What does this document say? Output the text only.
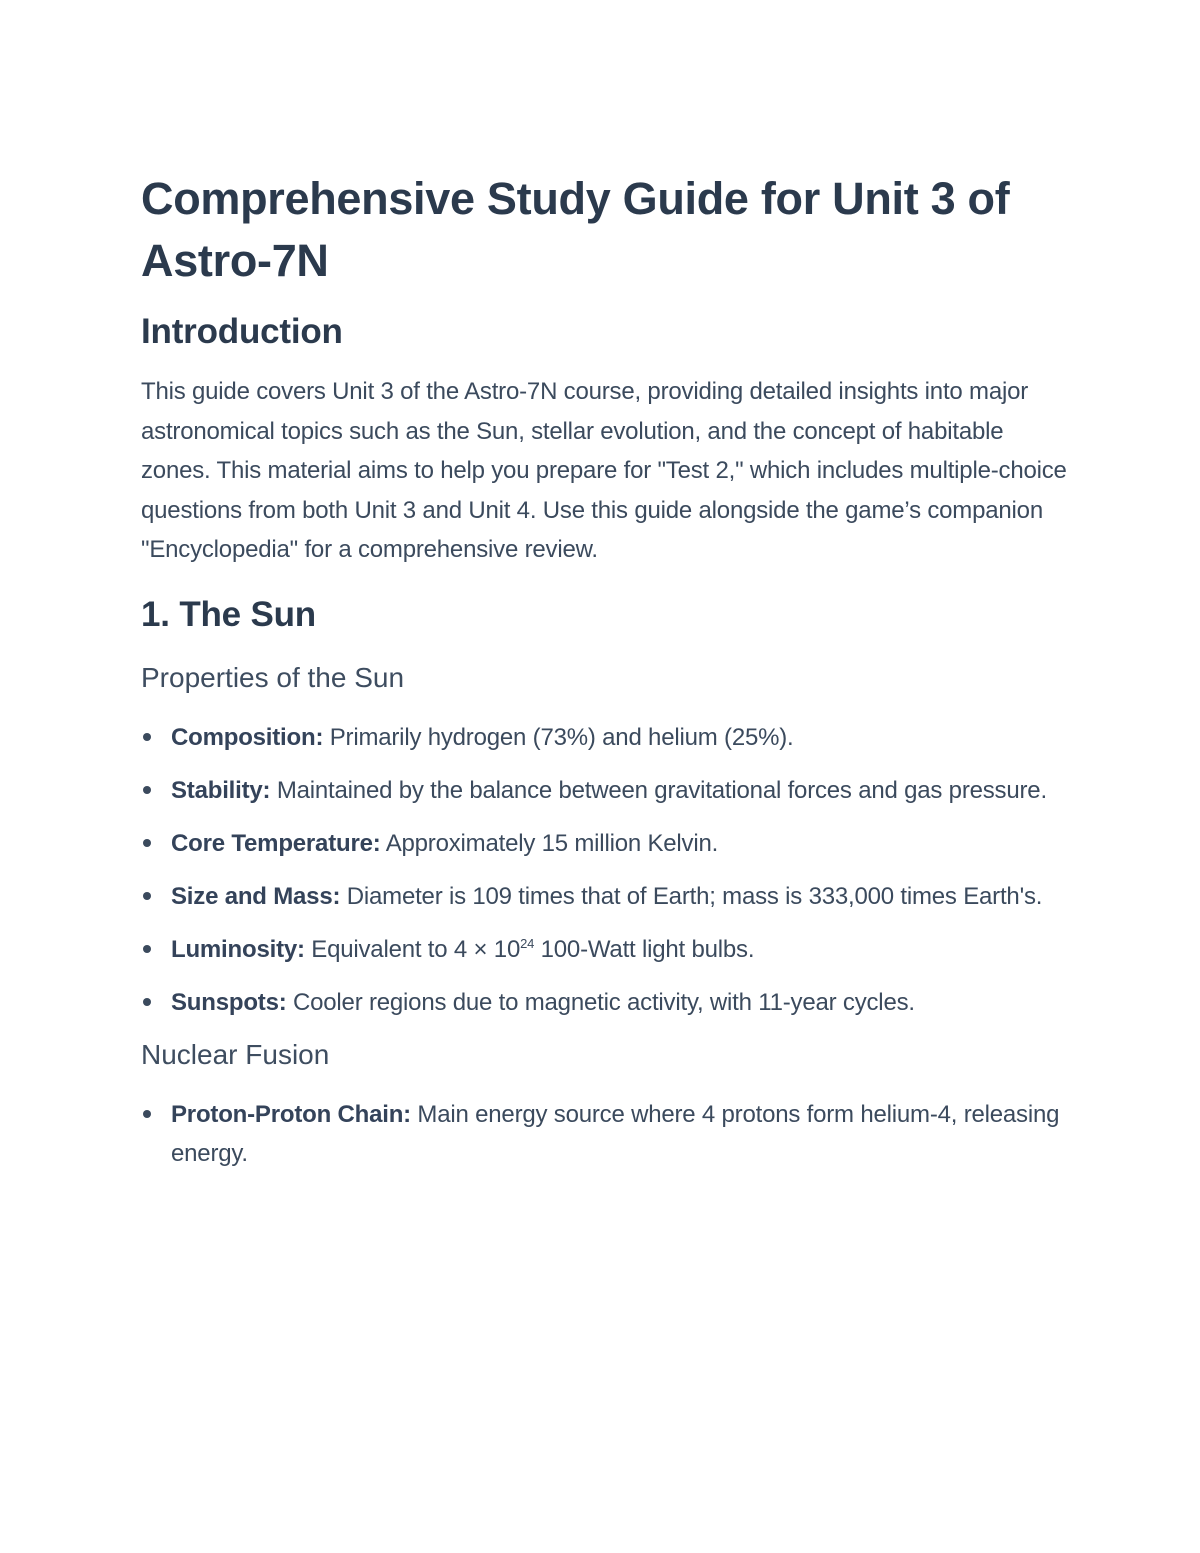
Comprehensive Study Guide for Unit 3 of Astro-7N
Introduction

This guide covers Unit 3 of the Astro-7N course, providing detailed insights into major astronomical topics such as the Sun, stellar evolution, and the concept of habitable zones. This material aims to help you prepare for "Test 2," which includes multiple-choice questions from both Unit 3 and Unit 4. Use this guide alongside the game’s companion "Encyclopedia" for a comprehensive review.

1. The Sun
Properties of the Sun
Composition: Primarily hydrogen (73%) and helium (25%).
Stability: Maintained by the balance between gravitational forces and gas pressure.
Core Temperature: Approximately 15 million Kelvin.
Size and Mass: Diameter is 109 times that of Earth; mass is 333,000 times Earth's.
Luminosity: Equivalent to $4 \times 10^{24}$ 100-Watt light bulbs.
Sunspots: Cooler regions due to magnetic activity, with 11-year cycles.
Nuclear Fusion
Proton-Proton Chain: Main energy source where 4 protons form helium-4, releasing energy.
